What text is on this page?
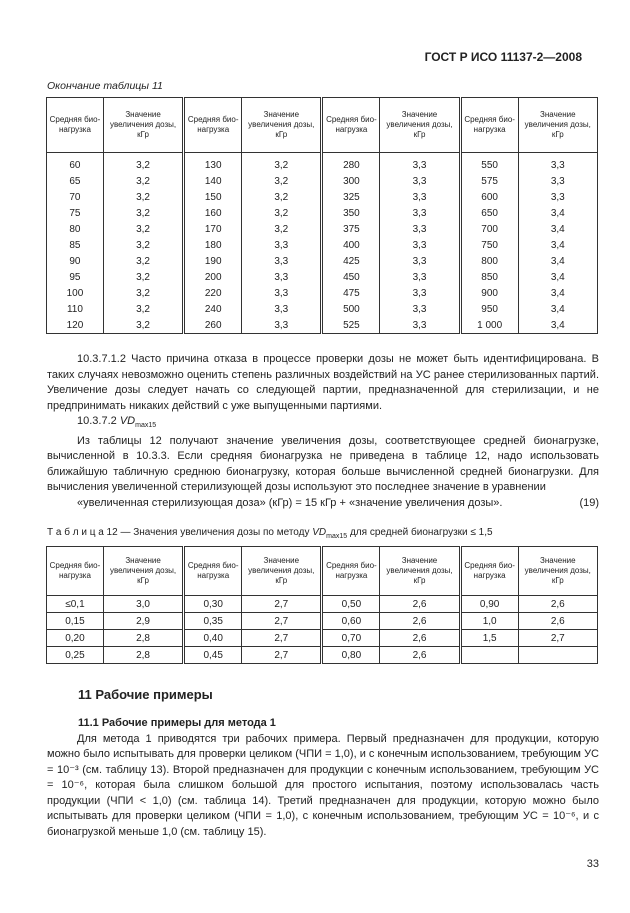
ГОСТ Р ИСО 11137-2—2008
Окончание таблицы 11
Средняя био-нагрузка	Значение увеличения дозы, кГр	Средняя био-нагрузка	Значение увеличения дозы, кГр	Средняя био-нагрузка	Значение увеличения дозы, кГр	Средняя био-нагрузка	Значение увеличения дозы, кГр
60	3,2	130	3,2	280	3,3	550	3,3
65	3,2	140	3,2	300	3,3	575	3,3
70	3,2	150	3,2	325	3,3	600	3,3
75	3,2	160	3,2	350	3,3	650	3,4
80	3,2	170	3,2	375	3,3	700	3,4
85	3,2	180	3,3	400	3,3	750	3,4
90	3,2	190	3,3	425	3,3	800	3,4
95	3,2	200	3,3	450	3,3	850	3,4
100	3,2	220	3,3	475	3,3	900	3,4
110	3,2	240	3,3	500	3,3	950	3,4
120	3,2	260	3,3	525	3,3	1 000	3,4

10.3.7.1.2 Часто причина отказа в процессе проверки дозы не может быть идентифицирована. В таких случаях невозможно оценить степень различных воздействий на УС ранее стерилизованных партий. Увеличение дозы следует начать со следующей партии, предназначенной для стерилизации, и не предпринимать никаких действий с уже выпущенными партиями.

10.3.7.2 $VD_{max15}$

Из таблицы 12 получают значение увеличения дозы, соответствующее средней бионагрузке, вычисленной в 10.3.3. Если средняя бионагрузка не приведена в таблице 12, надо использовать ближайшую табличную среднюю бионагрузку, которая больше вычисленной средней бионагрузки. Для вычисления увеличенной стерилизующей дозы используют это последнее значение в уравнении

«увеличенная стерилизующая доза» (кГр) = 15 кГр + «значение увеличения дозы».	(19)
Т а б л и ц а 12 — Значения увеличения дозы по методу $VD_{max15}$ для средней бионагрузки ≤ 1,5
Средняя био-нагрузка	Значение увеличения дозы, кГр	Средняя био-нагрузка	Значение увеличения дозы, кГр	Средняя био-нагрузка	Значение увеличения дозы, кГр	Средняя био-нагрузка	Значение увеличения дозы, кГр
≤0,1	3,0	0,30	2,7	0,50	2,6	0,90	2,6
0,15	2,9	0,35	2,7	0,60	2,6	1,0	2,6
0,20	2,8	0,40	2,7	0,70	2,6	1,5	2,7
0,25	2,8	0,45	2,7	0,80	2,6		
11 Рабочие примеры
11.1 Рабочие примеры для метода 1

Для метода 1 приводятся три рабочих примера. Первый предназначен для продукции, которую можно было испытывать для проверки целиком (ЧПИ = 1,0), и с конечным использованием, требующим УС = 10⁻³ (см. таблицу 13). Второй предназначен для продукции с конечным использованием, требующим УС = 10⁻⁶, которая была слишком большой для простого испытания, поэтому использовалась часть продукции (ЧПИ < 1,0) (см. таблица 14). Третий предназначен для продукции, которую можно было испытывать для проверки целиком (ЧПИ = 1,0), с конечным использованием, требующим УС = 10⁻⁶, и с бионагрузкой меньше 1,0 (см. таблицу 15).

33
